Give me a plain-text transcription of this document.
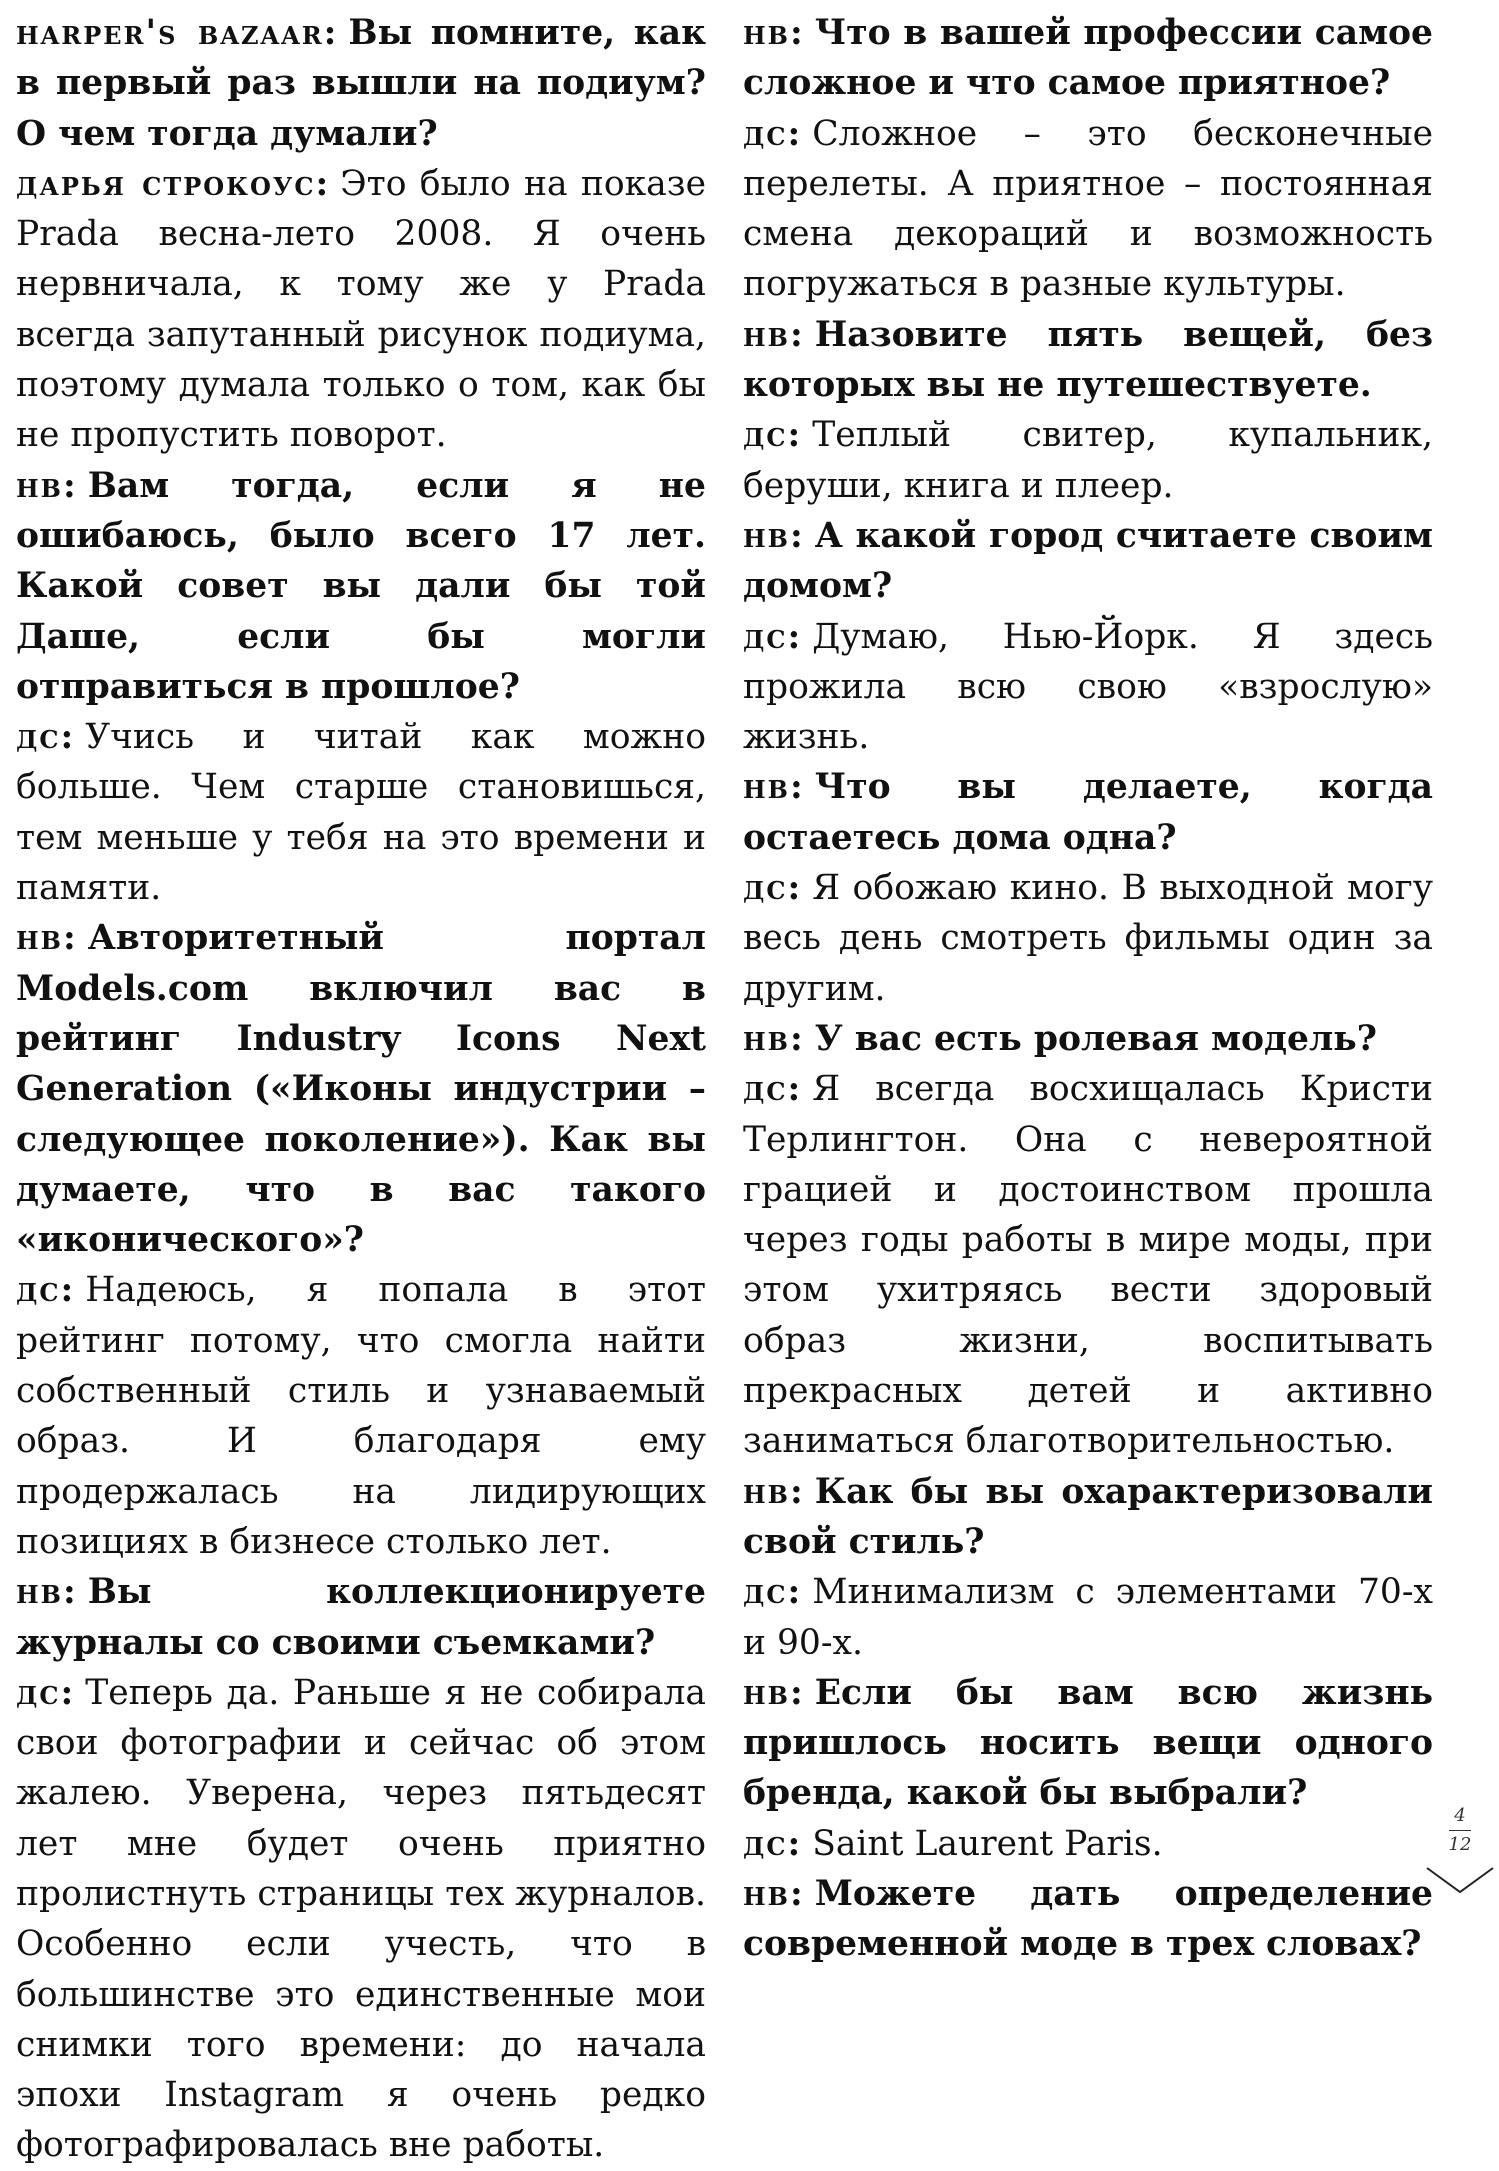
harper's bazaar: Вы помните, как в первый раз вышли на подиум? О чем тогда думали?

дарья строкоус: Это было на показе Prada весна-лето 2008. Я очень нервничала, к тому же у Prada всегда запутанный рисунок подиума, поэтому думала только о том, как бы не пропустить поворот.

нв: Вам тогда, если я не ошибаюсь, было всего 17 лет. Какой совет вы дали бы той Даше, если бы могли отправиться в прошлое?

дс: Учись и читай как можно больше. Чем старше становишься, тем меньше у тебя на это времени и памяти.

нв: Авторитетный портал Models.com включил вас в рейтинг Industry Icons Next Generation («Иконы индустрии – следующее поколение»). Как вы думаете, что в вас такого «иконического»?

дс: Надеюсь, я попала в этот рейтинг потому, что смогла найти собственный стиль и узнаваемый образ. И благодаря ему продержалась на лидирующих позициях в бизнесе столько лет.

нв: Вы коллекционируете журналы со своими съемками?

дс: Теперь да. Раньше я не собирала свои фотографии и сейчас об этом жалею. Уверена, через пятьдесят лет мне будет очень приятно пролистнуть страницы тех журналов. Особенно если учесть, что в большинстве это единственные мои снимки того времени: до начала эпохи Instagram я очень редко фотографировалась вне работы.

нв: Что в вашей профессии самое сложное и что самое приятное?

дс: Сложное – это бесконечные перелеты. А приятное – постоянная смена декораций и возможность погружаться в разные культуры.

нв: Назовите пять вещей, без которых вы не путешествуете.

дс: Теплый свитер, купальник, беруши, книга и плеер.

нв: А какой город считаете своим домом?

дс: Думаю, Нью-Йорк. Я здесь прожила всю свою «взрослую» жизнь.

нв: Что вы делаете, когда остаетесь дома одна?

дс: Я обожаю кино. В выходной могу весь день смотреть фильмы один за другим.

нв: У вас есть ролевая модель?

дс: Я всегда восхищалась Кристи Терлингтон. Она с невероятной грацией и достоинством прошла через годы работы в мире моды, при этом ухитряясь вести здоровый образ жизни, воспитывать прекрасных детей и активно заниматься благотворительностью.

нв: Как бы вы охарактеризовали свой стиль?

дс: Минимализм с элементами 70-х и 90-х.

нв: Если бы вам всю жизнь пришлось носить вещи одного бренда, какой бы выбрали?

дс: Saint Laurent Paris.

нв: Можете дать определение современной моде в трех словах?

4
12
